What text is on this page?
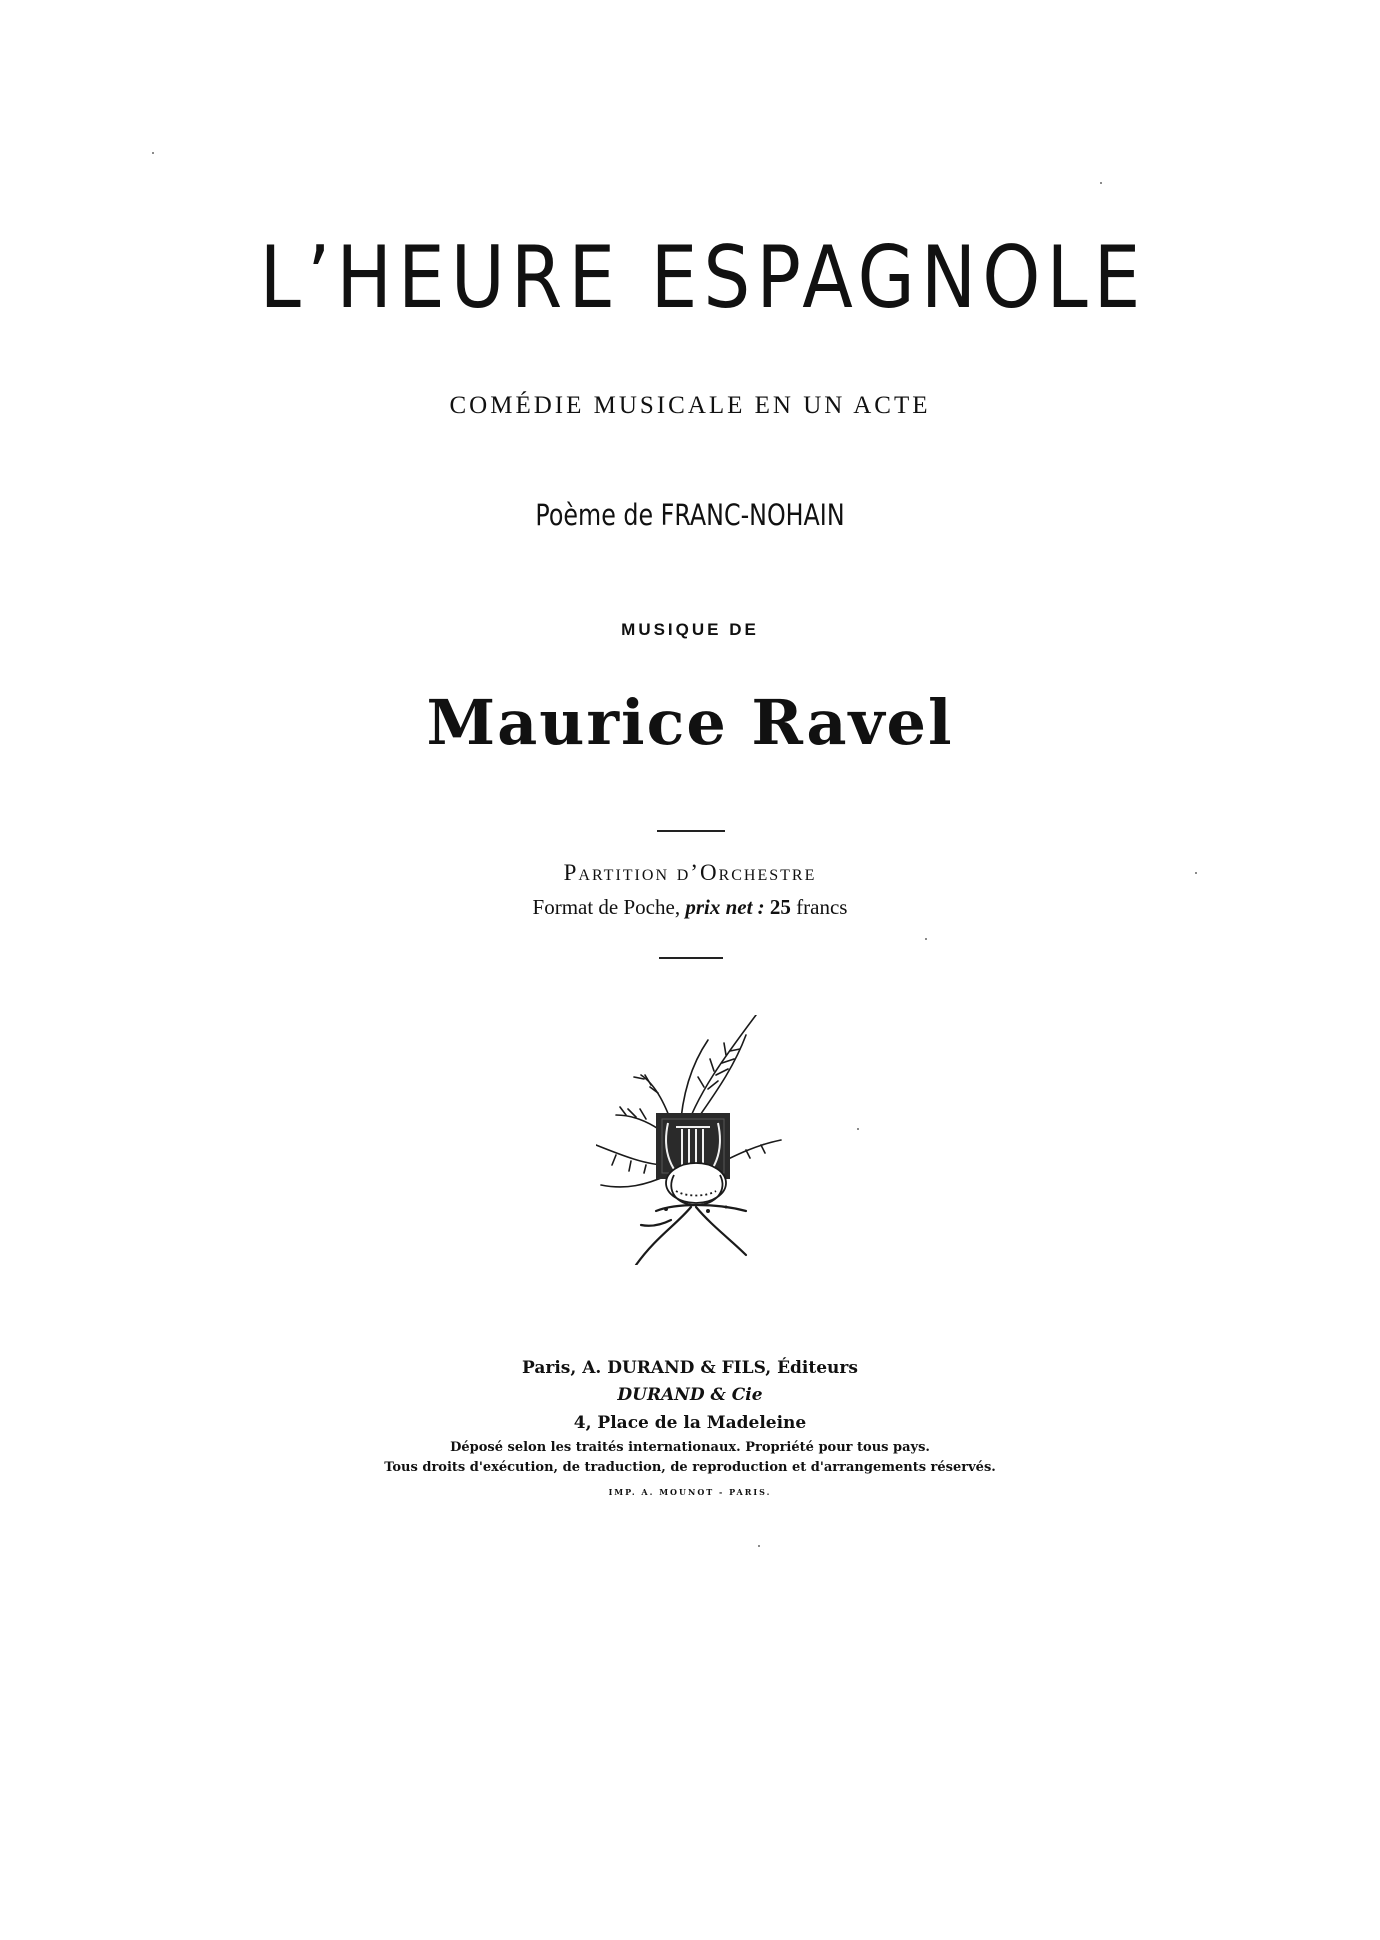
L’HEURE ESPAGNOLE
COMÉDIE MUSICALE EN UN ACTE
Poème de FRANC-NOHAIN
MUSIQUE DE
Maurice Ravel
Partition d’Orchestre
Format de Poche, prix net : 25 francs
Paris, A. DURAND & FILS, Éditeurs
DURAND & Cie
4, Place de la Madeleine
Déposé selon les traités internationaux. Propriété pour tous pays.
Tous droits d'exécution, de traduction, de reproduction et d'arrangements réservés.
IMP. A. MOUNOT - PARIS.
